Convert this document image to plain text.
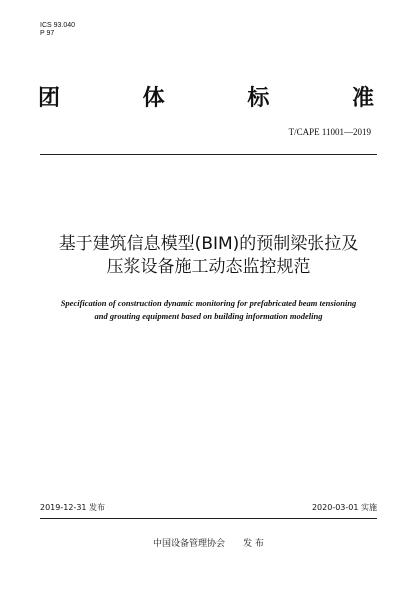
ICS 93.040
P 97
团	体	标	准
T/CAPE 11001—2019
基于建筑信息模型(BIM)的预制梁张拉及
压浆设备施工动态监控规范
Specification of construction dynamic monitoring for prefabricated beam tensioning
and grouting equipment based on building information modeling
2019-12-31 发布	2020-03-01 实施
中国设备管理协会 发 布
